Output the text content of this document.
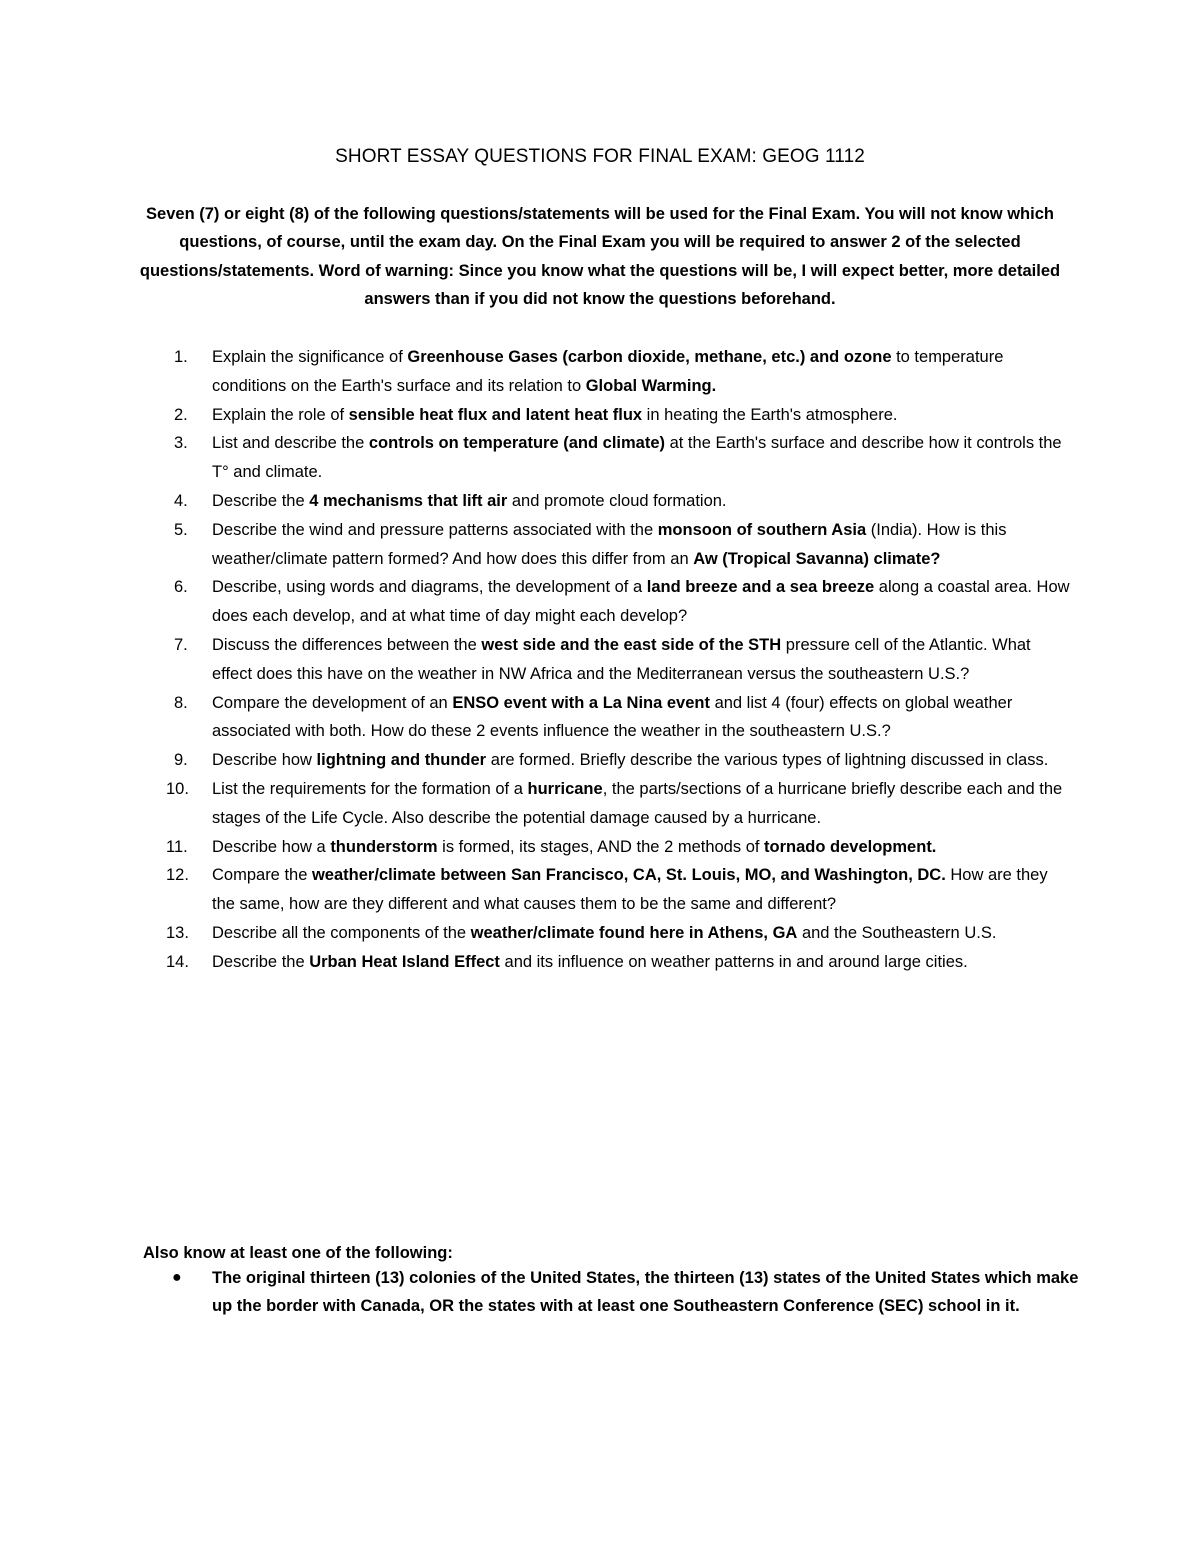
SHORT ESSAY QUESTIONS FOR FINAL EXAM: GEOG 1112
Seven (7) or eight (8) of the following questions/statements will be used for the Final Exam. You will not know which questions, of course, until the exam day. On the Final Exam you will be required to answer 2 of the selected questions/statements. Word of warning: Since you know what the questions will be, I will expect better, more detailed answers than if you did not know the questions beforehand.
1.	Explain the significance of Greenhouse Gases (carbon dioxide, methane, etc.) and ozone to temperature conditions on the Earth's surface and its relation to Global Warming.
2.	Explain the role of sensible heat flux and latent heat flux in heating the Earth's atmosphere.
3.	List and describe the controls on temperature (and climate) at the Earth's surface and describe how it controls the T° and climate.
4.	Describe the 4 mechanisms that lift air and promote cloud formation.
5.	Describe the wind and pressure patterns associated with the monsoon of southern Asia (India). How is this weather/climate pattern formed? And how does this differ from an Aw (Tropical Savanna) climate?
6.	Describe, using words and diagrams, the development of a land breeze and a sea breeze along a coastal area. How does each develop, and at what time of day might each develop?
7.	Discuss the differences between the west side and the east side of the STH pressure cell of the Atlantic. What effect does this have on the weather in NW Africa and the Mediterranean versus the southeastern U.S.?
8.	Compare the development of an ENSO event with a La Nina event and list 4 (four) effects on global weather associated with both. How do these 2 events influence the weather in the southeastern U.S.?
9.	Describe how lightning and thunder are formed. Briefly describe the various types of lightning discussed in class.
10.	List the requirements for the formation of a hurricane, the parts/sections of a hurricane briefly describe each and the stages of the Life Cycle. Also describe the potential damage caused by a hurricane.
11.	Describe how a thunderstorm is formed, its stages, AND the 2 methods of tornado development.
12.	Compare the weather/climate between San Francisco, CA, St. Louis, MO, and Washington, DC. How are they the same, how are they different and what causes them to be the same and different?
13.	Describe all the components of the weather/climate found here in Athens, GA and the Southeastern U.S.
14.	Describe the Urban Heat Island Effect and its influence on weather patterns in and around large cities.
Also know at least one of the following:
● The original thirteen (13) colonies of the United States, the thirteen (13) states of the United States which make up the border with Canada, OR the states with at least one Southeastern Conference (SEC) school in it.
